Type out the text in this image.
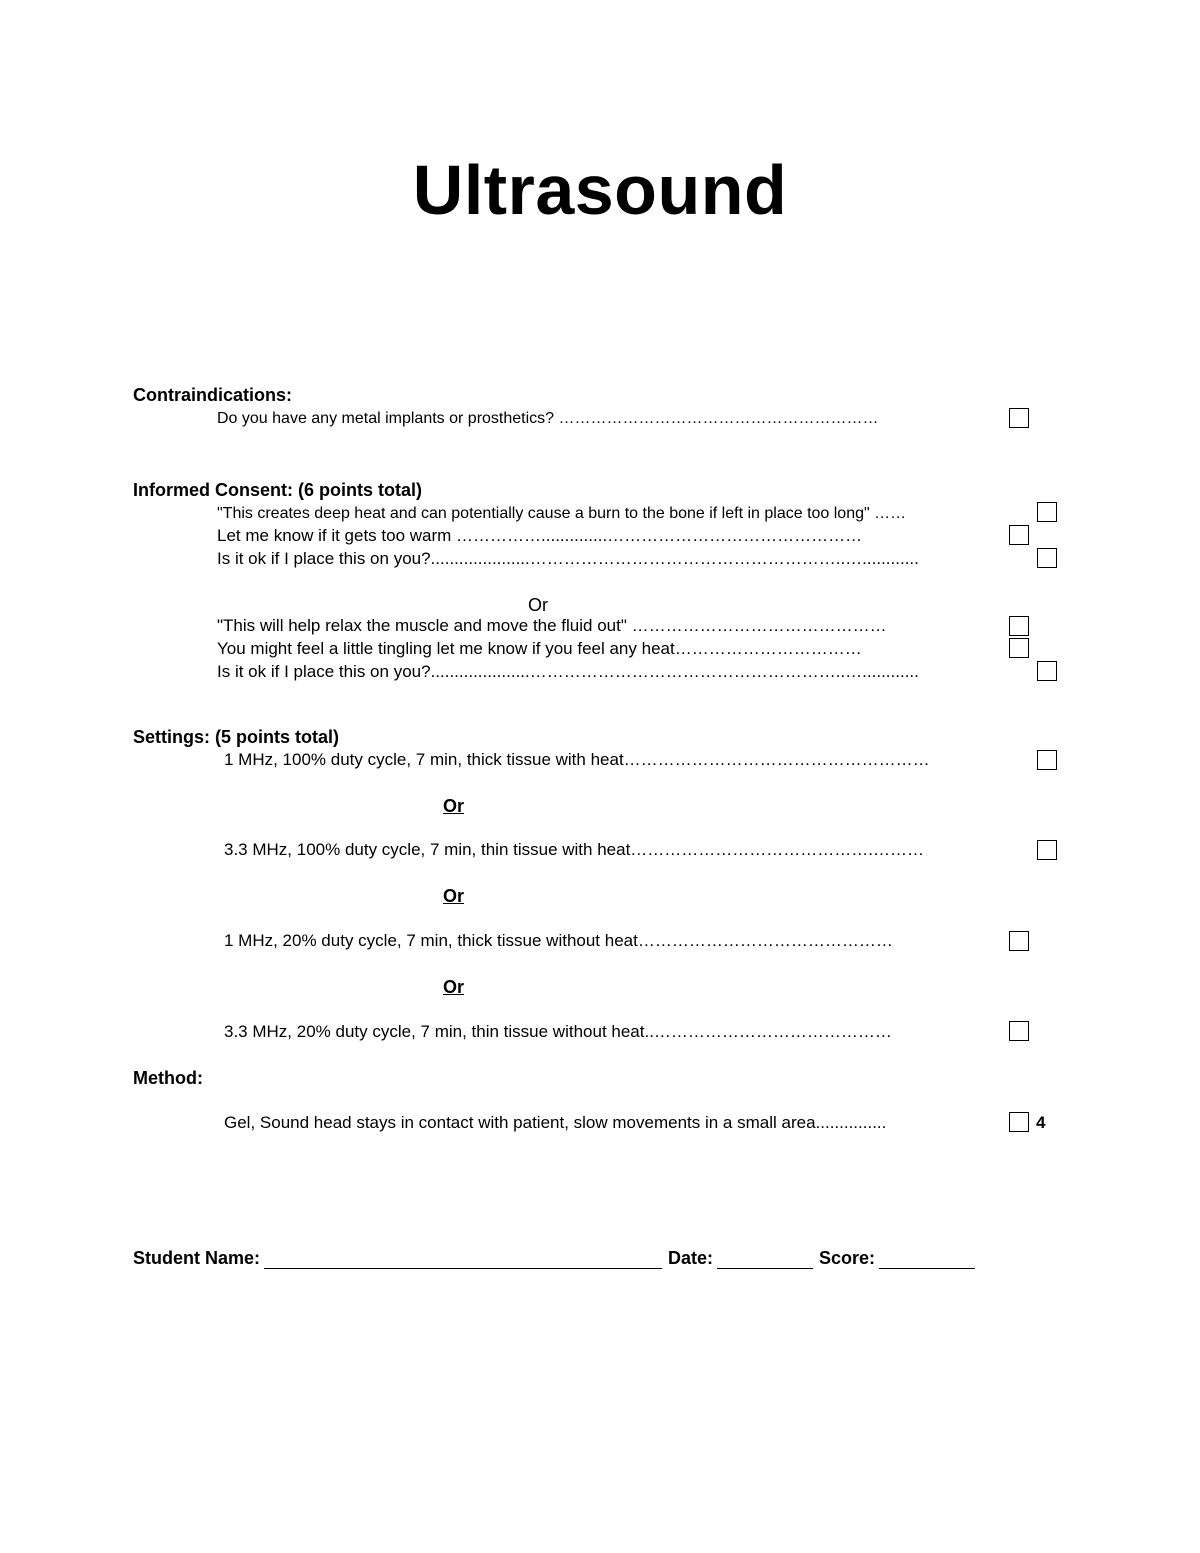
Ultrasound
Contraindications:
Do you have any metal implants or prosthetics? ……………………………………………………
Informed Consent: (6 points total)
"This creates deep heat and can potentially cause a burn to the bone if left in place too long" ……
Let me know if it gets too warm ……………..............………………………………………
Is it ok if I place this on you?.....................………………………………………………..…............
Or
"This will help relax the muscle and move the fluid out" ………………………………………
You might feel a little tingling let me know if you feel any heat……………………………
Is it ok if I place this on you?.....................………………………………………………..…............
Settings: (5 points total)
1 MHz, 100% duty cycle, 7 min, thick tissue with heat………………………………………………
Or
3.3 MHz, 100% duty cycle, 7 min, thin tissue with heat…………………………………….………
Or
1 MHz, 20% duty cycle, 7 min, thick tissue without heat………………………………………
Or
3.3 MHz, 20% duty cycle, 7 min, thin tissue without heat..……………………………………
Method:
Gel, Sound head stays in contact with patient, slow movements in a small area...............	4
Student Name:	Date:	Score:
